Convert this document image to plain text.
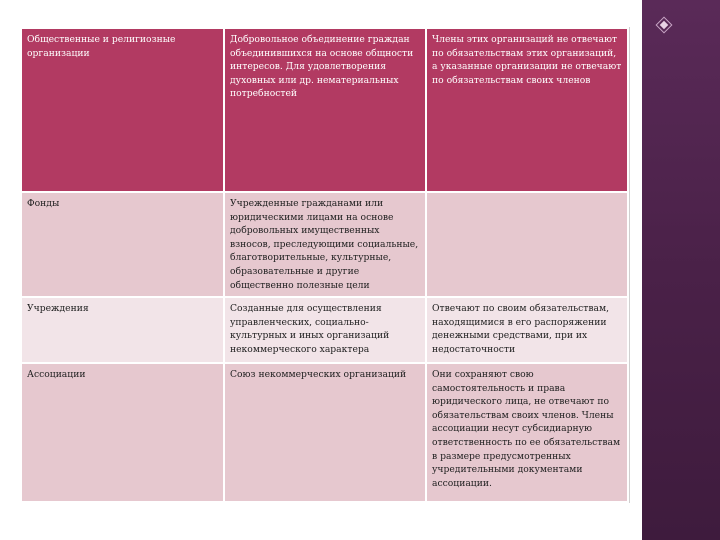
Общественные и религиозные организации	Добровольное объединение граждан объединившихся на основе общности интересов. Для удовлетворения духовных или др. нематериальных потребностей	Члены этих организаций не отвечают по обязательствам этих организаций, а указанные организации не отвечают по обязательствам своих членов
Фонды	Учрежденные гражданами или юридическими лицами на основе добровольных имущественных взносов, преследующими социальные, благотворительные, культурные, образовательные и другие общественно полезные цели	
Учреждения	Созданные для осуществления управленческих, социально-культурных и иных организаций некоммерческого характера	Отвечают по своим обязательствам, находящимися в его распоряжении денежными средствами, при их недостаточности
Ассоциации	Союз некоммерческих организаций	Они сохраняют свою самостоятельность и права юридического лица, не отвечают по обязательствам своих членов. Члены ассоциации несут субсидиарную ответственность по ее обязательствам в размере предусмотренных учредительными документами ассоциации.
